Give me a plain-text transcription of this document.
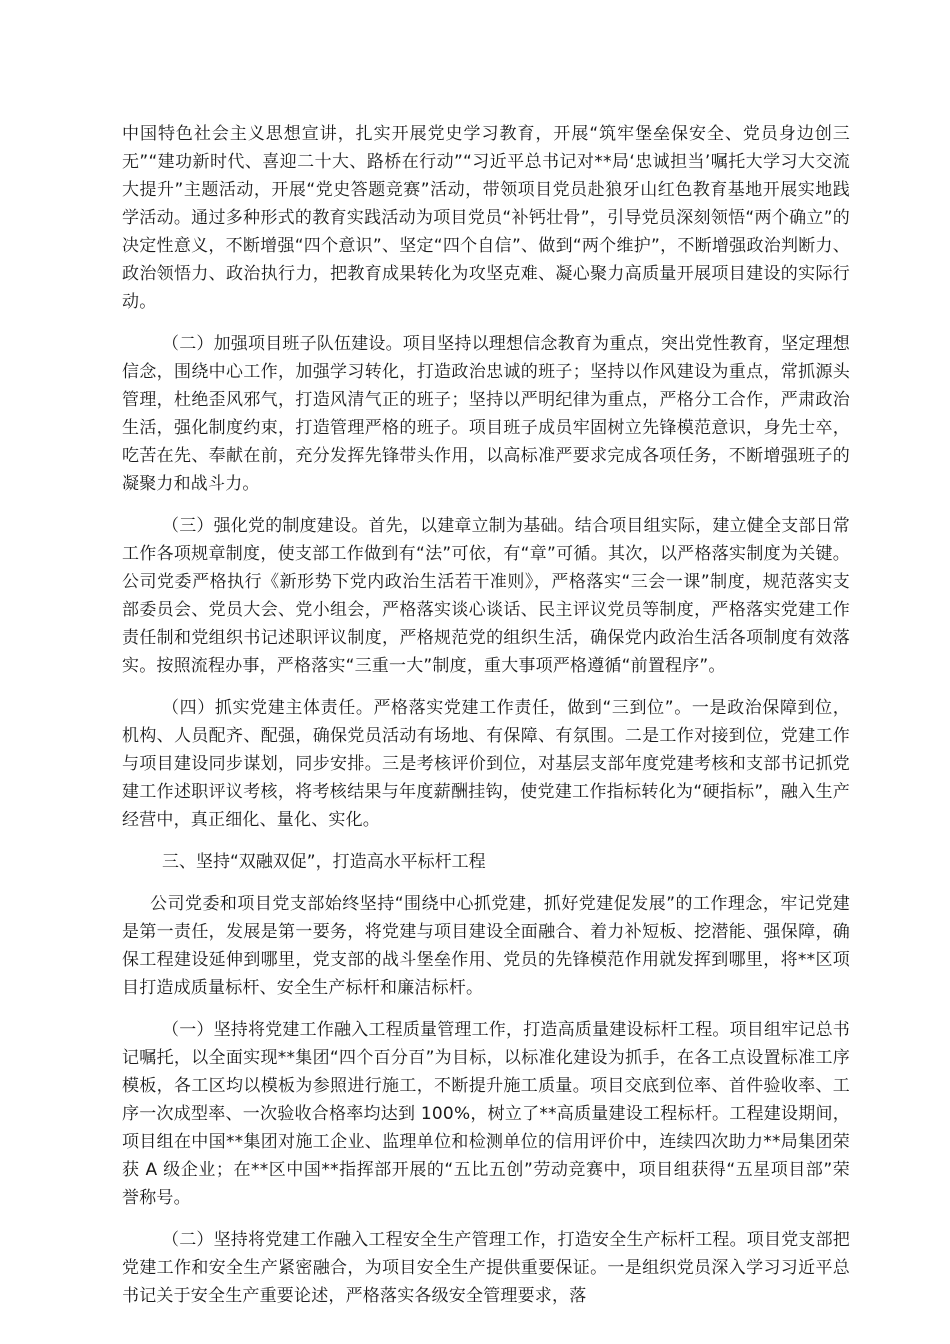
中国特色社会主义思想宣讲，扎实开展党史学习教育，开展“筑牢堡垒保安全、党员身边创三无”“建功新时代、喜迎二十大、路桥在行动”“习近平总书记对**局‘忠诚担当’嘱托大学习大交流大提升”主题活动，开展“党史答题竞赛”活动，带领项目党员赴狼牙山红色教育基地开展实地践学活动。通过多种形式的教育实践活动为项目党员“补钙壮骨”，引导党员深刻领悟“两个确立”的决定性意义，不断增强“四个意识”、坚定“四个自信”、做到“两个维护”，不断增强政治判断力、政治领悟力、政治执行力，把教育成果转化为攻坚克难、凝心聚力高质量开展项目建设的实际行动。

（二）加强项目班子队伍建设。项目坚持以理想信念教育为重点，突出党性教育，坚定理想信念，围绕中心工作，加强学习转化，打造政治忠诚的班子；坚持以作风建设为重点，常抓源头管理，杜绝歪风邪气，打造风清气正的班子；坚持以严明纪律为重点，严格分工合作，严肃政治生活，强化制度约束，打造管理严格的班子。项目班子成员牢固树立先锋模范意识，身先士卒，吃苦在先、奉献在前，充分发挥先锋带头作用，以高标准严要求完成各项任务，不断增强班子的凝聚力和战斗力。

（三）强化党的制度建设。首先，以建章立制为基础。结合项目组实际，建立健全支部日常工作各项规章制度，使支部工作做到有“法”可依，有“章”可循。其次，以严格落实制度为关键。公司党委严格执行《新形势下党内政治生活若干准则》，严格落实“三会一课”制度，规范落实支部委员会、党员大会、党小组会，严格落实谈心谈话、民主评议党员等制度，严格落实党建工作责任制和党组织书记述职评议制度，严格规范党的组织生活，确保党内政治生活各项制度有效落实。按照流程办事，严格落实“三重一大”制度，重大事项严格遵循“前置程序”。

（四）抓实党建主体责任。严格落实党建工作责任，做到“三到位”。一是政治保障到位，机构、人员配齐、配强，确保党员活动有场地、有保障、有氛围。二是工作对接到位，党建工作与项目建设同步谋划，同步安排。三是考核评价到位，对基层支部年度党建考核和支部书记抓党建工作述职评议考核，将考核结果与年度薪酬挂钩，使党建工作指标转化为“硬指标”，融入生产经营中，真正细化、量化、实化。

三、坚持“双融双促”，打造高水平标杆工程

公司党委和项目党支部始终坚持“围绕中心抓党建，抓好党建促发展”的工作理念，牢记党建是第一责任，发展是第一要务，将党建与项目建设全面融合、着力补短板、挖潜能、强保障，确保工程建设延伸到哪里，党支部的战斗堡垒作用、党员的先锋模范作用就发挥到哪里，将**区项目打造成质量标杆、安全生产标杆和廉洁标杆。

（一）坚持将党建工作融入工程质量管理工作，打造高质量建设标杆工程。项目组牢记总书记嘱托，以全面实现**集团“四个百分百”为目标，以标准化建设为抓手，在各工点设置标准工序模板，各工区均以模板为参照进行施工，不断提升施工质量。项目交底到位率、首件验收率、工序一次成型率、一次验收合格率均达到 100%，树立了**高质量建设工程标杆。工程建设期间，项目组在中国**集团对施工企业、监理单位和检测单位的信用评价中，连续四次助力**局集团荣获 A 级企业；在**区中国**指挥部开展的“五比五创”劳动竞赛中，项目组获得“五星项目部”荣誉称号。

（二）坚持将党建工作融入工程安全生产管理工作，打造安全生产标杆工程。项目党支部把党建工作和安全生产紧密融合，为项目安全生产提供重要保证。一是组织党员深入学习习近平总书记关于安全生产重要论述，严格落实各级安全管理要求，落
